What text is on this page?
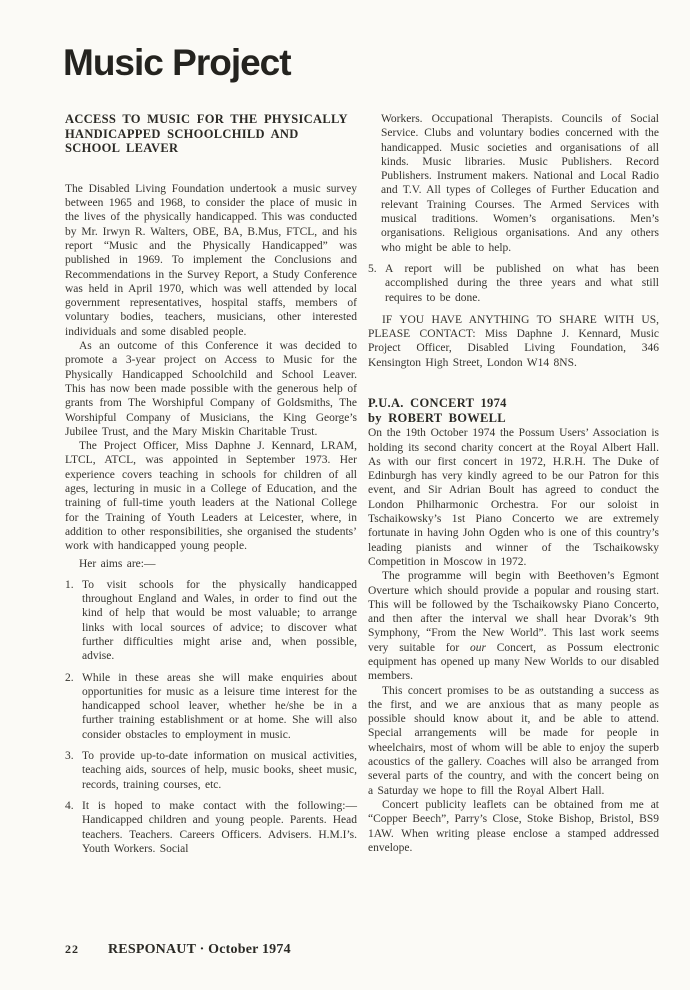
Music Project
ACCESS TO MUSIC FOR THE PHYSICALLY HANDICAPPED SCHOOLCHILD AND SCHOOL LEAVER

The Disabled Living Foundation undertook a music survey between 1965 and 1968, to consider the place of music in the lives of the physically handicapped. This was conducted by Mr. Irwyn R. Walters, OBE, BA, B.Mus, FTCL, and his report “Music and the Physically Handicapped” was published in 1969. To implement the Conclusions and Recommendations in the Survey Report, a Study Conference was held in April 1970, which was well attended by local government representatives, hospital staffs, members of voluntary bodies, teachers, musicians, other interested individuals and some disabled people.

As an outcome of this Conference it was decided to promote a 3-year project on Access to Music for the Physically Handicapped Schoolchild and School Leaver. This has now been made possible with the generous help of grants from The Worshipful Company of Goldsmiths, The Worshipful Company of Musicians, the King George’s Jubilee Trust, and the Mary Miskin Charitable Trust.

The Project Officer, Miss Daphne J. Kennard, LRAM, LTCL, ATCL, was appointed in September 1973. Her experience covers teaching in schools for children of all ages, lecturing in music in a College of Education, and the training of full-time youth leaders at the National College for the Training of Youth Leaders at Leicester, where, in addition to other responsibilities, she organised the students’ work with handicapped young people.

Her aims are:—

1. To visit schools for the physically handicapped throughout England and Wales, in order to find out the kind of help that would be most valuable; to arrange links with local sources of advice; to discover what further difficulties might arise and, when possible, advise.
2. While in these areas she will make enquiries about opportunities for music as a leisure time interest for the handicapped school leaver, whether he/she be in a further training establishment or at home. She will also consider obstacles to employment in music.
3. To provide up-to-date information on musical activities, teaching aids, sources of help, music books, sheet music, records, training courses, etc.
4. It is hoped to make contact with the following:— Handicapped children and young people. Parents. Head teachers. Teachers. Careers Officers. Advisers. H.M.I’s. Youth Workers. Social

Workers. Occupational Therapists. Councils of Social Service. Clubs and voluntary bodies concerned with the handicapped. Music societies and organisations of all kinds. Music libraries. Music Publishers. Record Publishers. Instrument makers. National and Local Radio and T.V. All types of Colleges of Further Education and relevant Training Courses. The Armed Services with musical traditions. Women’s organisations. Men’s organisations. Religious organisations. And any others who might be able to help.

5. A report will be published on what has been accomplished during the three years and what still requires to be done.

IF YOU HAVE ANYTHING TO SHARE WITH US, PLEASE CONTACT: Miss Daphne J. Kennard, Music Project Officer, Disabled Living Foundation, 346 Kensington High Street, London W14 8NS.

P.U.A. CONCERT 1974
by ROBERT BOWELL

On the 19th October 1974 the Possum Users’ Association is holding its second charity concert at the Royal Albert Hall. As with our first concert in 1972, H.R.H. The Duke of Edinburgh has very kindly agreed to be our Patron for this event, and Sir Adrian Boult has agreed to conduct the London Philharmonic Orchestra. For our soloist in Tschaikowsky’s 1st Piano Concerto we are extremely fortunate in having John Ogden who is one of this country’s leading pianists and winner of the Tschaikowsky Competition in Moscow in 1972.

The programme will begin with Beethoven’s Egmont Overture which should provide a popular and rousing start. This will be followed by the Tschaikowsky Piano Concerto, and then after the interval we shall hear Dvorak’s 9th Symphony, “From the New World”. This last work seems very suitable for our Concert, as Possum electronic equipment has opened up many New Worlds to our disabled members.

This concert promises to be as outstanding a success as the first, and we are anxious that as many people as possible should know about it, and be able to attend. Special arrangements will be made for people in wheelchairs, most of whom will be able to enjoy the superb acoustics of the gallery. Coaches will also be arranged from several parts of the country, and with the concert being on a Saturday we hope to fill the Royal Albert Hall.

Concert publicity leaflets can be obtained from me at “Copper Beech”, Parry’s Close, Stoke Bishop, Bristol, BS9 1AW. When writing please enclose a stamped addressed envelope.

22 RESPONAUT · October 1974
